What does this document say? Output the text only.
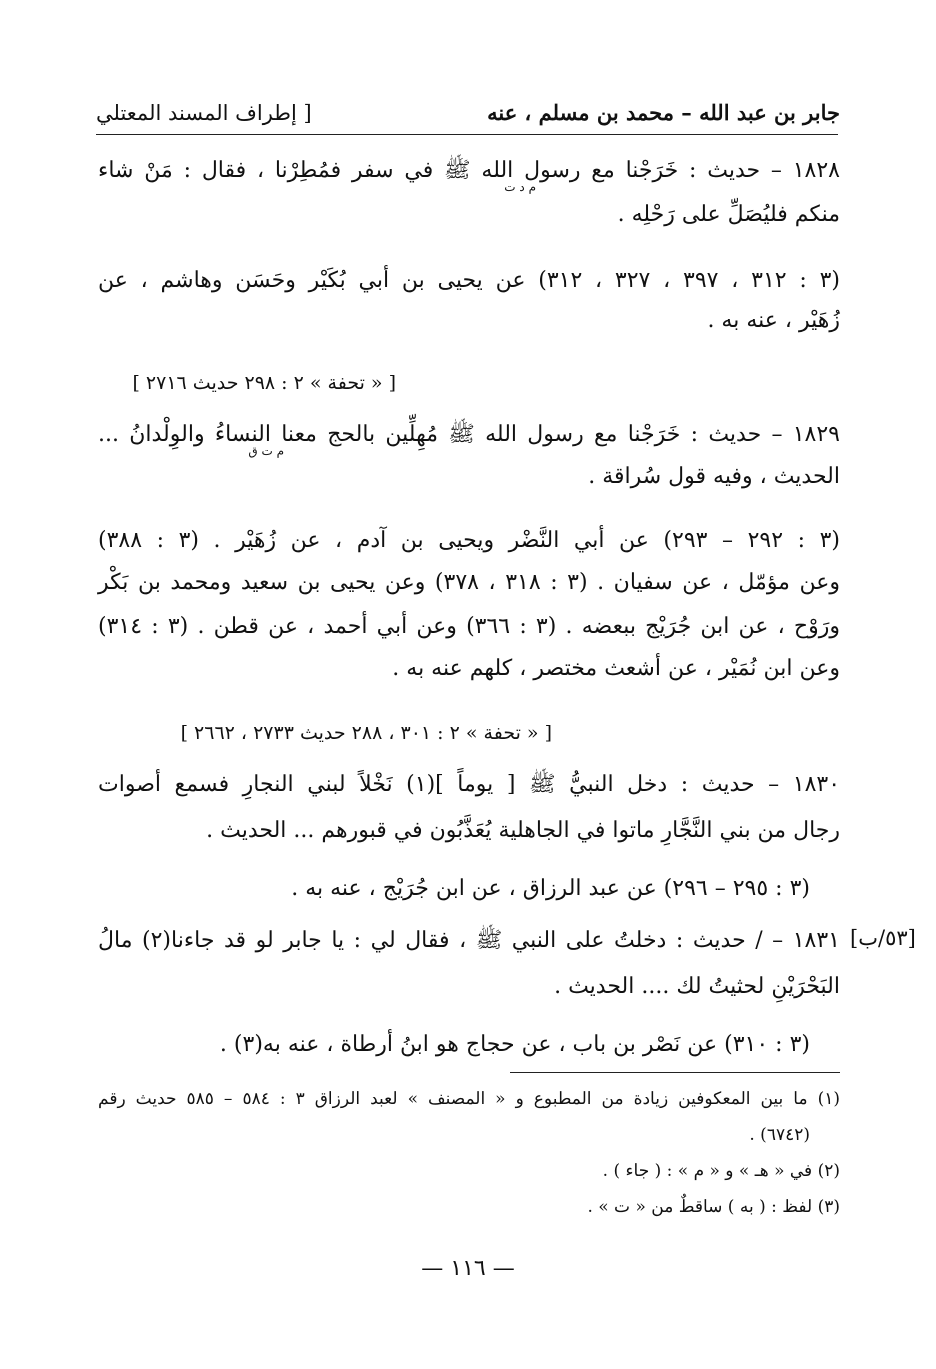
جابر بن عبد الله – محمد بن مسلم ، عنه
[ إطراف المسند المعتلي
١٨٢٨ – حديث : خَرَجْنا مع رسول الله ﷺ في سفر فمُطِرْنا ، فقال : مَنْ شاء
م د ت
منكم فليُصَلِّ على رَحْلِه .
(٣ : ٣١٢ ، ٣٩٧ ، ٣٢٧ ، ٣١٢) عن يحيى بن أبي بُكَيْر وحَسَن وهاشم ، عن
زُهَيْر ، عنه به .
[ « تحفة » ٢ : ٢٩٨ حديث ٢٧١٦ ]
١٨٢٩ – حديث : خَرَجْنا مع رسول الله ﷺ مُهِلِّين بالحج معنا النساءُ والوِلْدانُ ...
م ت ق
الحديث ، وفيه قول سُراقة .
(٣ : ٢٩٢ – ٢٩٣) عن أبي النَّضْر ويحيى بن آدم ، عن زُهَيْر . (٣ : ٣٨٨)
وعن مؤمّل ، عن سفيان . (٣ : ٣١٨ ، ٣٧٨) وعن يحيى بن سعيد ومحمد بن بَكْر
ورَوْح ، عن ابن جُرَيْج ببعضه . (٣ : ٣٦٦) وعن أبي أحمد ، عن قطن . (٣ : ٣١٤)
وعن ابن نُمَيْر ، عن أشعث مختصر ، كلهم عنه به .
[ « تحفة » ٢ : ٣٠١ ، ٢٨٨ حديث ٢٧٣٣ ، ٢٦٦٢ ]
١٨٣٠ – حديث : دخل النبيُّ ﷺ [ يوماً ](١) نَخْلاً لبني النجارِ فسمع أصوات
رجال من بني النَّجَّارِ ماتوا في الجاهلية يُعَذَّبُون في قبورهم ... الحديث .
(٣ : ٢٩٥ – ٢٩٦) عن عبد الرزاق ، عن ابن جُرَيْج ، عنه به .
[٥٣/ب]
١٨٣١ – / حديث : دخلتُ على النبي ﷺ ، فقال لي : يا جابر لو قد جاءنا(٢) مالُ
البَحْرَيْنِ لحثيتُ لك .... الحديث .
(٣ : ٣١٠) عن نَصْر بن باب ، عن حجاج هو ابنُ أرطاة ، عنه به(٣) .
(١) ما بين المعكوفين زيادة من المطبوع و « المصنف » لعبد الرزاق ٣ : ٥٨٤ – ٥٨٥ حديث رقم
(٦٧٤٢) .
(٢) في « هـ » و « م » : ( جاء ) .
(٣) لفظ : ( به ) ساقطٌ من « ت » .
— ١١٦ —
